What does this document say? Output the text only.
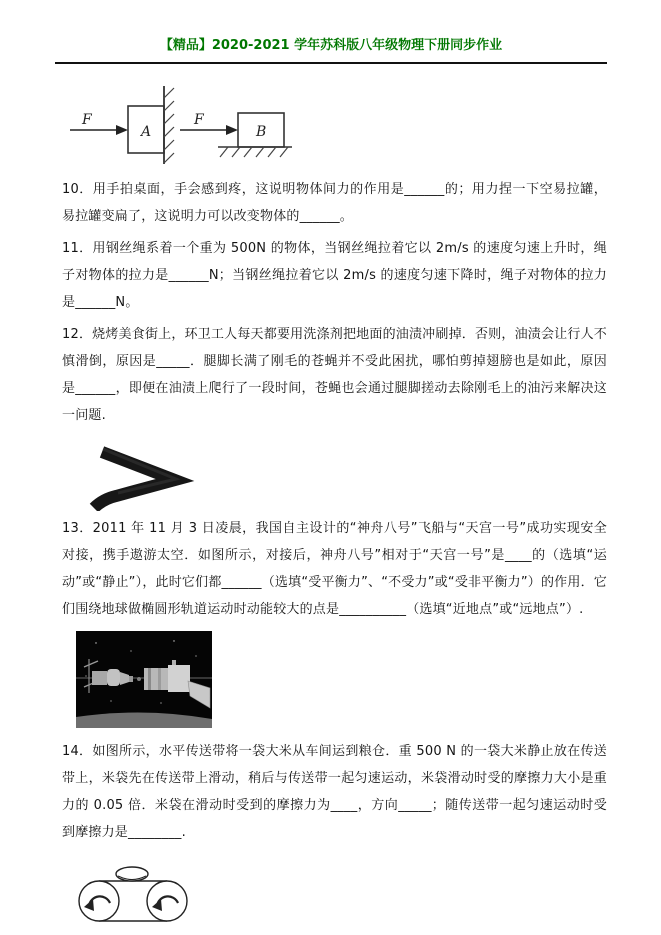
【精品】2020-2021 学年苏科版八年级物理下册同步作业
F
A
F
B

10．用手拍桌面，手会感到疼，这说明物体间力的作用是______的；用力捏一下空易拉罐，易拉罐变扁了，这说明力可以改变物体的______。

11．用钢丝绳系着一个重为 500N 的物体，当钢丝绳拉着它以 2m/s 的速度匀速上升时，绳子对物体的拉力是______N；当钢丝绳拉着它以 2m/s 的速度匀速下降时，绳子对物体的拉力是______N。

12．烧烤美食街上，环卫工人每天都要用洗涤剂把地面的油渍冲刷掉．否则，油渍会让行人不慎滑倒，原因是_____．腿脚长满了刚毛的苍蝇并不受此困扰，哪怕剪掉翅膀也是如此，原因是______，即便在油渍上爬行了一段时间，苍蝇也会通过腿脚搓动去除刚毛上的油污来解决这一问题.

13．2011 年 11 月 3 日凌晨，我国自主设计的“神舟八号”飞船与“天宫一号”成功实现安全对接，携手遨游太空．如图所示，对接后，神舟八号”相对于“天宫一号”是____的（选填“运动”或“静止”），此时它们都______（选填“受平衡力”、“不受力”或“受非平衡力”）的作用．它们围绕地球做椭圆形轨道运动时动能较大的点是__________（选填“近地点”或“远地点”）.

14．如图所示，水平传送带将一袋大米从车间运到粮仓．重 500 N 的一袋大米静止放在传送带上，米袋先在传送带上滑动，稍后与传送带一起匀速运动，米袋滑动时受的摩擦力大小是重力的 0.05 倍．米袋在滑动时受到的摩擦力为____，方向_____；随传送带一起匀速运动时受到摩擦力是________.
